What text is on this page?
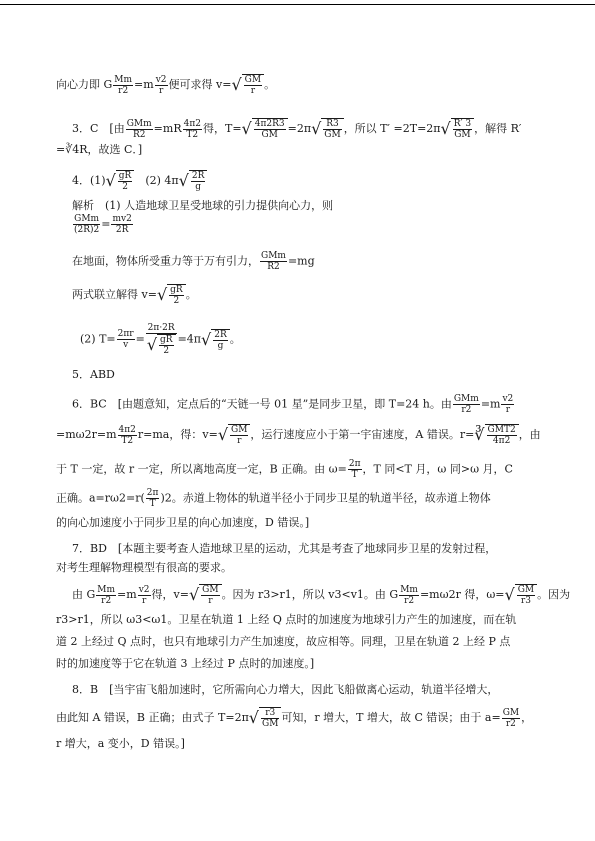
向心力即 G $\frac{Mm}{r2} =m \frac{v2}{r}$ 便可求得 $v=√ \frac{GM}{r}$ 。
3．C　[由 GMm
$R2 =mR \frac{4\pi 2}{T2}$ 得，$T=√ \frac{4\pi 2R3}{GM} =2\pi√ \frac{R3}{GM}$ ，所以 $T' =2T=2\pi√ \frac{R' 3}{GM}$ ，解得 R′
=∛4R，故选 C．]
4．$(1)√ \frac{gR}{2}$ 　(2) $4\pi√ \frac{2R}{g}$
解析　(1) 人造地球卫星受地球的引力提供向心力，则
GMm
$(2R)2 = \frac{mv2}{2R}$
在地面，物体所受重力等于万有引力， GMm
R2 =mg
两式联立解得 $v=√ \frac{gR}{2}$ 。
(2) $T= \frac{2\pi r}{v} = \frac{2\pi\cdot 2R}{√ \frac{gR}{2}} =4\pi√ \frac{2R}{g}$ 。
5．ABD
6．BC　[由题意知，定点后的“天链一号 01 星”是同步卫星，即 T=24 h。由 GMm
$r2 =m \frac{v2}{r}$
$=m\omega 2r=m \frac{4\pi 2}{T2} r=ma$，得：$v=√ \frac{GM}{r}$ ，运行速度应小于第一宇宙速度，A 错误。r=∛ GMT2
4π2 ，由
于 T 一定，故 r 一定，所以离地高度一定，B 正确。由 $\omega= \frac{2\pi}{T}$ ，T 同<T 月，ω 同>ω 月，C
正确。$a=r\omega 2=r( \frac{2\pi}{T} )2$。赤道上物体的轨道半径小于同步卫星的轨道半径，故赤道上物体
的向心加速度小于同步卫星的向心加速度，D 错误。]
7．BD　[本题主要考查人造地球卫星的运动，尤其是考查了地球同步卫星的发射过程，
对考生理解物理模型有很高的要求。
由 G $\frac{Mm}{r2} =m \frac{v2}{r}$ 得，$v=√ \frac{GM}{r}$ 。因为 r3>r1，所以 v3<v1。由 G $\frac{Mm}{r2} =m\omega 2r$ 得，$\omega=√ \frac{GM}{r3}$ 。因为
r3>r1，所以 ω3<ω1。卫星在轨道 1 上经 Q 点时的加速度为地球引力产生的加速度，而在轨
道 2 上经过 Q 点时，也只有地球引力产生加速度，故应相等。同理，卫星在轨道 2 上经 P 点
时的加速度等于它在轨道 3 上经过 P 点时的加速度。]
8．B　[当宇宙飞船加速时，它所需向心力增大，因此飞船做离心运动，轨道半径增大，
由此知 A 错误，B 正确；由式子 $T=2\pi√ \frac{r3}{GM}$ 可知，r 增大，T 增大，故 C 错误；由于 $a= \frac{GM}{r2}$ ，
r 增大，a 变小，D 错误。]
